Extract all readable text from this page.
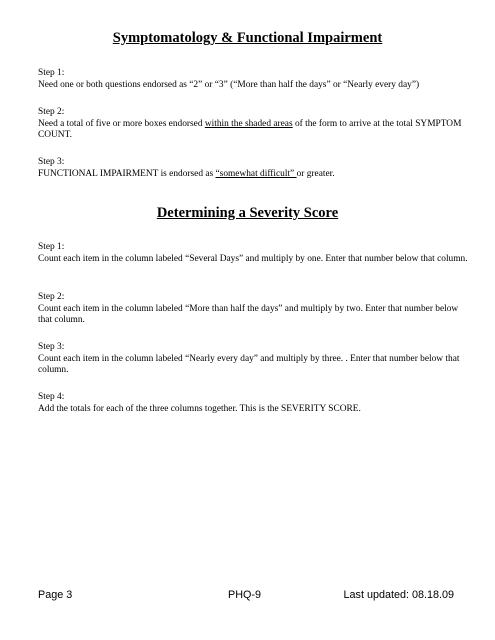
Symptomatology & Functional Impairment

Step 1:

Need one or both questions endorsed as “2” or “3” (“More than half the days” or “Nearly every day”)

Step 2:

Need a total of five or more boxes endorsed within the shaded areas of the form to arrive at the total SYMPTOM COUNT.

Step 3:

FUNCTIONAL IMPAIRMENT is endorsed as “somewhat difficult” or greater.

Determining a Severity Score

Step 1:

Count each item in the column labeled “Several Days” and multiply by one. Enter that number below that column.

Step 2:

Count each item in the column labeled “More than half the days” and multiply by two. Enter that number below that column.

Step 3:

Count each item in the column labeled “Nearly every day” and multiply by three. . Enter that number below that column.

Step 4:

Add the totals for each of the three columns together. This is the SEVERITY SCORE.

Page 3	PHQ-9	Last updated: 08.18.09
